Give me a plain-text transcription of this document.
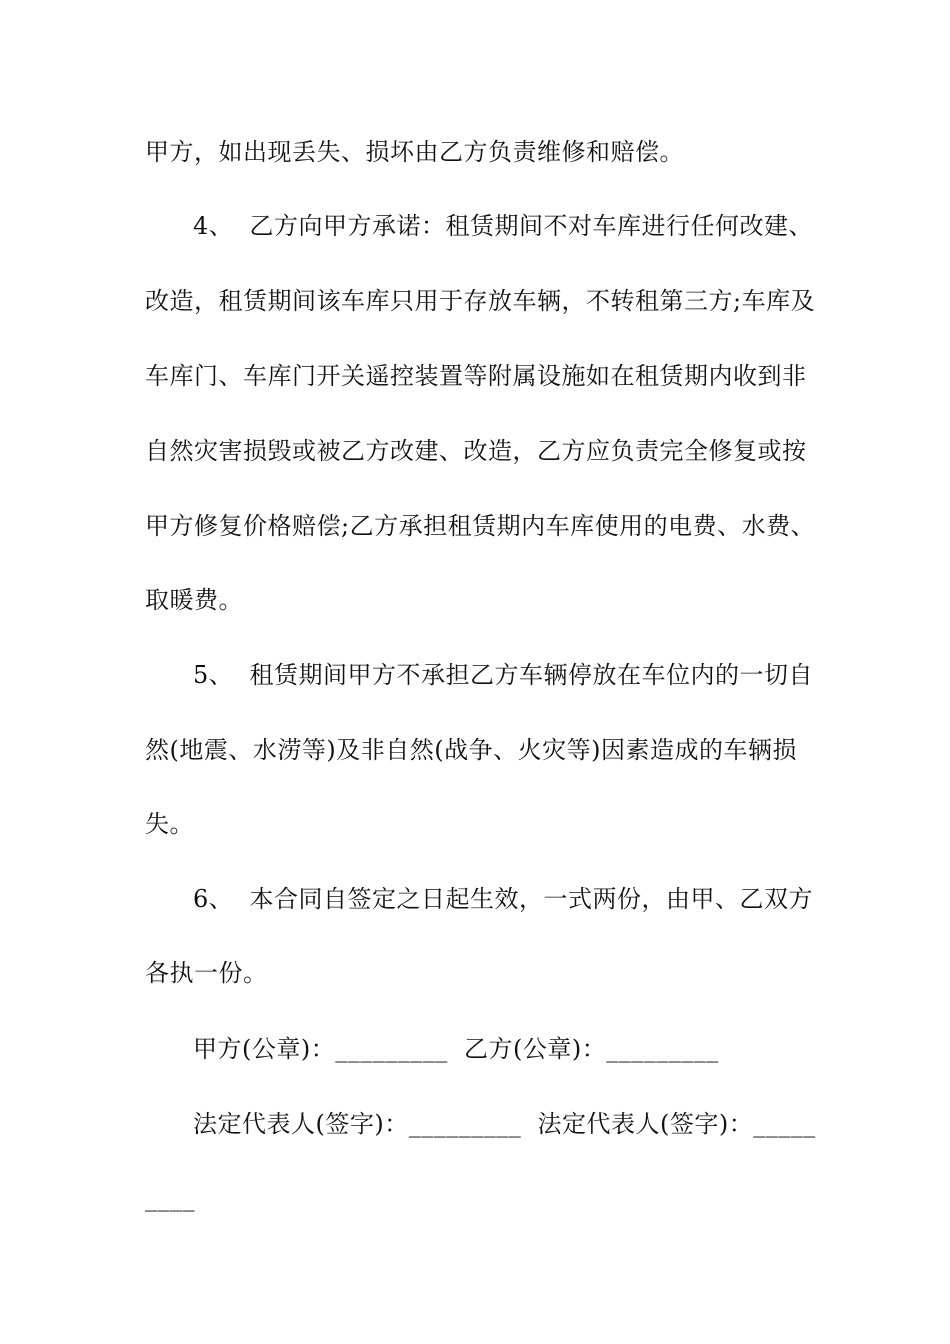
甲方，如出现丢失、损坏由乙方负责维修和赔偿。
4、  乙方向甲方承诺：租赁期间不对车库进行任何改建、
改造，租赁期间该车库只用于存放车辆，不转租第三方;车库及
车库门、车库门开关遥控装置等附属设施如在租赁期内收到非
自然灾害损毁或被乙方改建、改造，乙方应负责完全修复或按
甲方修复价格赔偿;乙方承担租赁期内车库使用的电费、水费、
取暖费。
5、  租赁期间甲方不承担乙方车辆停放在车位内的一切自
然(地震、水涝等)及非自然(战争、火灾等)因素造成的车辆损
失。
6、  本合同自签定之日起生效，一式两份，由甲、乙双方
各执一份。
甲方(公章)：_________  乙方(公章)：_________
法定代表人(签字)：_________  法定代表人(签字)：_____
____
